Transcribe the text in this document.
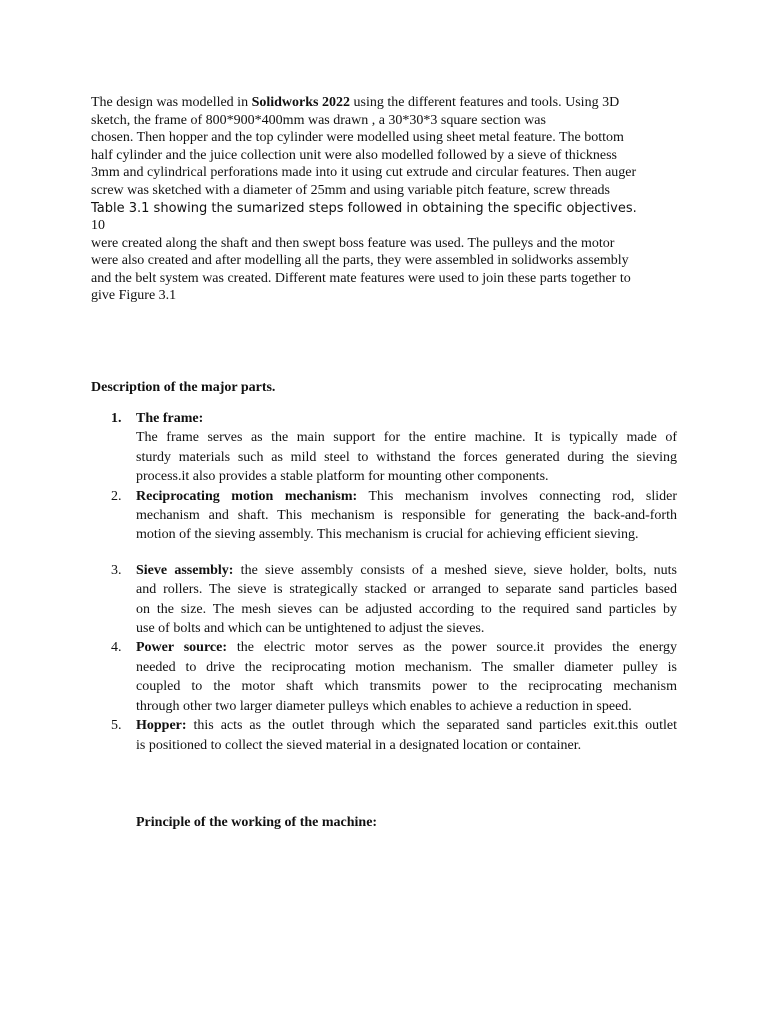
The design was modelled in Solidworks 2022 using the different features and tools. Using 3D
sketch, the frame of 800*900*400mm was drawn , a 30*30*3 square section was
chosen. Then hopper and the top cylinder were modelled using sheet metal feature. The bottom
half cylinder and the juice collection unit were also modelled followed by a sieve of thickness
3mm and cylindrical perforations made into it using cut extrude and circular features. Then auger
screw was sketched with a diameter of 25mm and using variable pitch feature, screw threads
Table 3.1 showing the sumarized steps followed in obtaining the specific objectives.
10
were created along the shaft and then swept boss feature was used. The pulleys and the motor
were also created and after modelling all the parts, they were assembled in solidworks assembly
and the belt system was created. Different mate features were used to join these parts together to
give Figure 3.1
Description of the major parts.
1. The frame:
The frame serves as the main support for the entire machine. It is typically made of
sturdy materials such as mild steel to withstand the forces generated during the sieving
process.it also provides a stable platform for mounting other components.
2. Reciprocating motion mechanism: This mechanism involves connecting rod, slider
mechanism and shaft. This mechanism is responsible for generating the back-and-forth
motion of the sieving assembly. This mechanism is crucial for achieving efficient sieving.
3. Sieve assembly: the sieve assembly consists of a meshed sieve, sieve holder, bolts, nuts
and rollers. The sieve is strategically stacked or arranged to separate sand particles based
on the size. The mesh sieves can be adjusted according to the required sand particles by
use of bolts and which can be untightened to adjust the sieves.
4. Power source: the electric motor serves as the power source.it provides the energy
needed to drive the reciprocating motion mechanism. The smaller diameter pulley is
coupled to the motor shaft which transmits power to the reciprocating mechanism
through other two larger diameter pulleys which enables to achieve a reduction in speed.
5. Hopper: this acts as the outlet through which the separated sand particles exit.this outlet
is positioned to collect the sieved material in a designated location or container.
Principle of the working of the machine:
